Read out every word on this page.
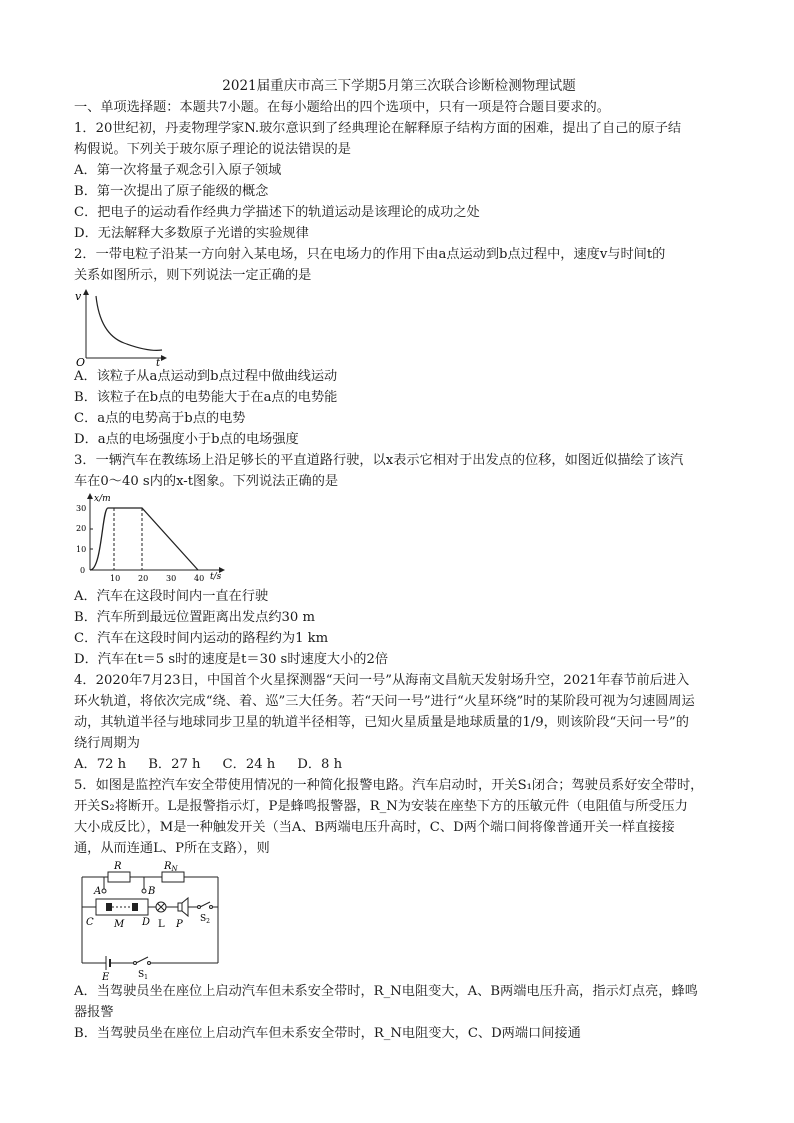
2021届重庆市高三下学期5月第三次联合诊断检测物理试题
一、单项选择题：本题共7小题。在每小题给出的四个选项中，只有一项是符合题目要求的。
1．20世纪初，丹麦物理学家N.玻尔意识到了经典理论在解释原子结构方面的困难，提出了自己的原子结
构假说。下列关于玻尔原子理论的说法错误的是
A．第一次将量子观念引入原子领域
B．第一次提出了原子能级的概念
C．把电子的运动看作经典力学描述下的轨道运动是该理论的成功之处
D．无法解释大多数原子光谱的实验规律
2．一带电粒子沿某一方向射入某电场，只在电场力的作用下由a点运动到b点过程中，速度v与时间t的
关系如图所示，则下列说法一定正确的是
v
t
O
A．该粒子从a点运动到b点过程中做曲线运动
B．该粒子在b点的电势能大于在a点的电势能
C．a点的电势高于b点的电势
D．a点的电场强度小于b点的电场强度
3．一辆汽车在教练场上沿足够长的平直道路行驶，以x表示它相对于出发点的位移，如图近似描绘了该汽
车在0～40 s内的x-t图象。下列说法正确的是
x/m
t/s
0
10
20
30
10 20 30 40
A．汽车在这段时间内一直在行驶
B．汽车所到最远位置距离出发点约30 m
C．汽车在这段时间内运动的路程约为1 km
D．汽车在t＝5 s时的速度是t＝30 s时速度大小的2倍
4．2020年7月23日，中国首个火星探测器“天问一号”从海南文昌航天发射场升空，2021年春节前后进入
环火轨道，将依次完成“绕、着、巡”三大任务。若“天问一号”进行“火星环绕”时的某阶段可视为匀速圆周运
动，其轨道半径与地球同步卫星的轨道半径相等，已知火星质量是地球质量的1/9，则该阶段“天问一号”的
绕行周期为
A．72 h B．27 h C．24 h D．8 h
5．如图是监控汽车安全带使用情况的一种简化报警电路。汽车启动时，开关S₁闭合；驾驶员系好安全带时，
开关S₂将断开。L是报警指示灯，P是蜂鸣报警器，R_N为安装在座垫下方的压敏元件（电阻值与所受压力
大小成反比），M是一种触发开关（当A、B两端电压升高时，C、D两个端口间将像普通开关一样直接接
通，从而连通L、P所在支路），则
R	$R_N$
A	B
C M D L P $S_2$
E	$S_1$
A．当驾驶员坐在座位上启动汽车但未系安全带时，R_N电阻变大，A、B两端电压升高，指示灯点亮，蜂鸣
器报警
B．当驾驶员坐在座位上启动汽车但未系安全带时，R_N电阻变大，C、D两端口间接通
